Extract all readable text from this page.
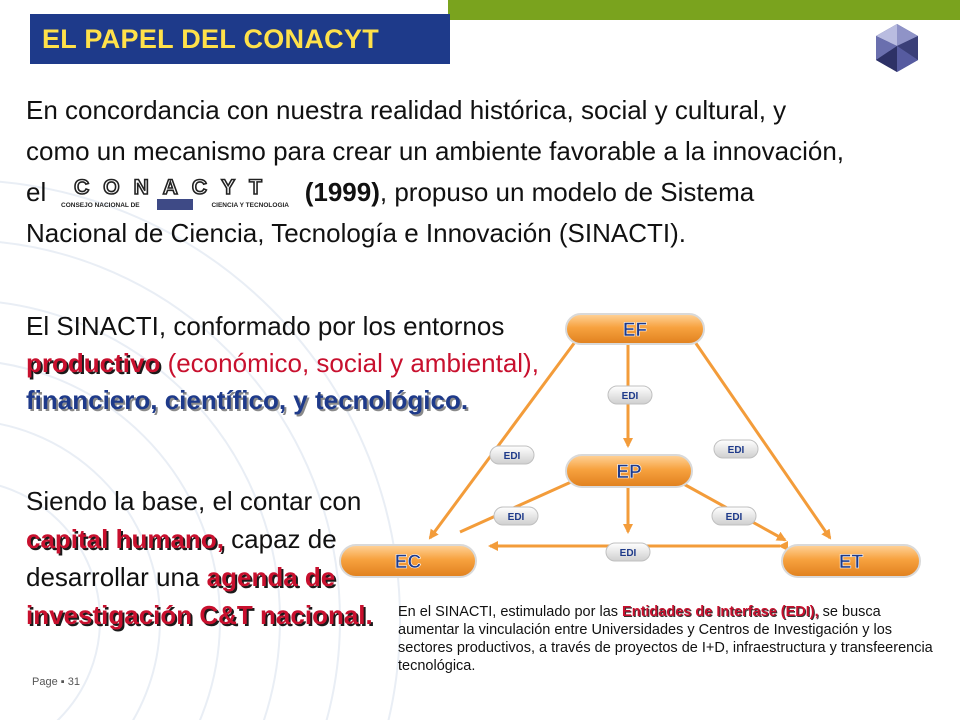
EL PAPEL DEL CONACYT
En concordancia con nuestra realidad histórica, social y cultural, y como un mecanismo para crear un ambiente favorable a la innovación, el CONACYT
CONSEJO NACIONAL DE	CIENCIA Y TECNOLOGIA (1999), propuso un modelo de Sistema Nacional de Ciencia, Tecnología e Innovación (SINACTI).
El SINACTI, conformado por los entornos productivo (económico, social y ambiental), financiero, científico, y tecnológico.
Siendo la base, el contar con capital humano, capaz de desarrollar una agenda de investigación C&T nacional.
EF
EP
EC	ET
EDI
EDI
EDI
EDI	EDI
EDI
En el SINACTI, estimulado por las Entidades de Interfase (EDI), se busca aumentar la vinculación entre Universidades y Centros de Investigación y los sectores productivos, a través de proyectos de I+D, infraestructura y transfeerencia tecnológica.
Page ▪ 31
